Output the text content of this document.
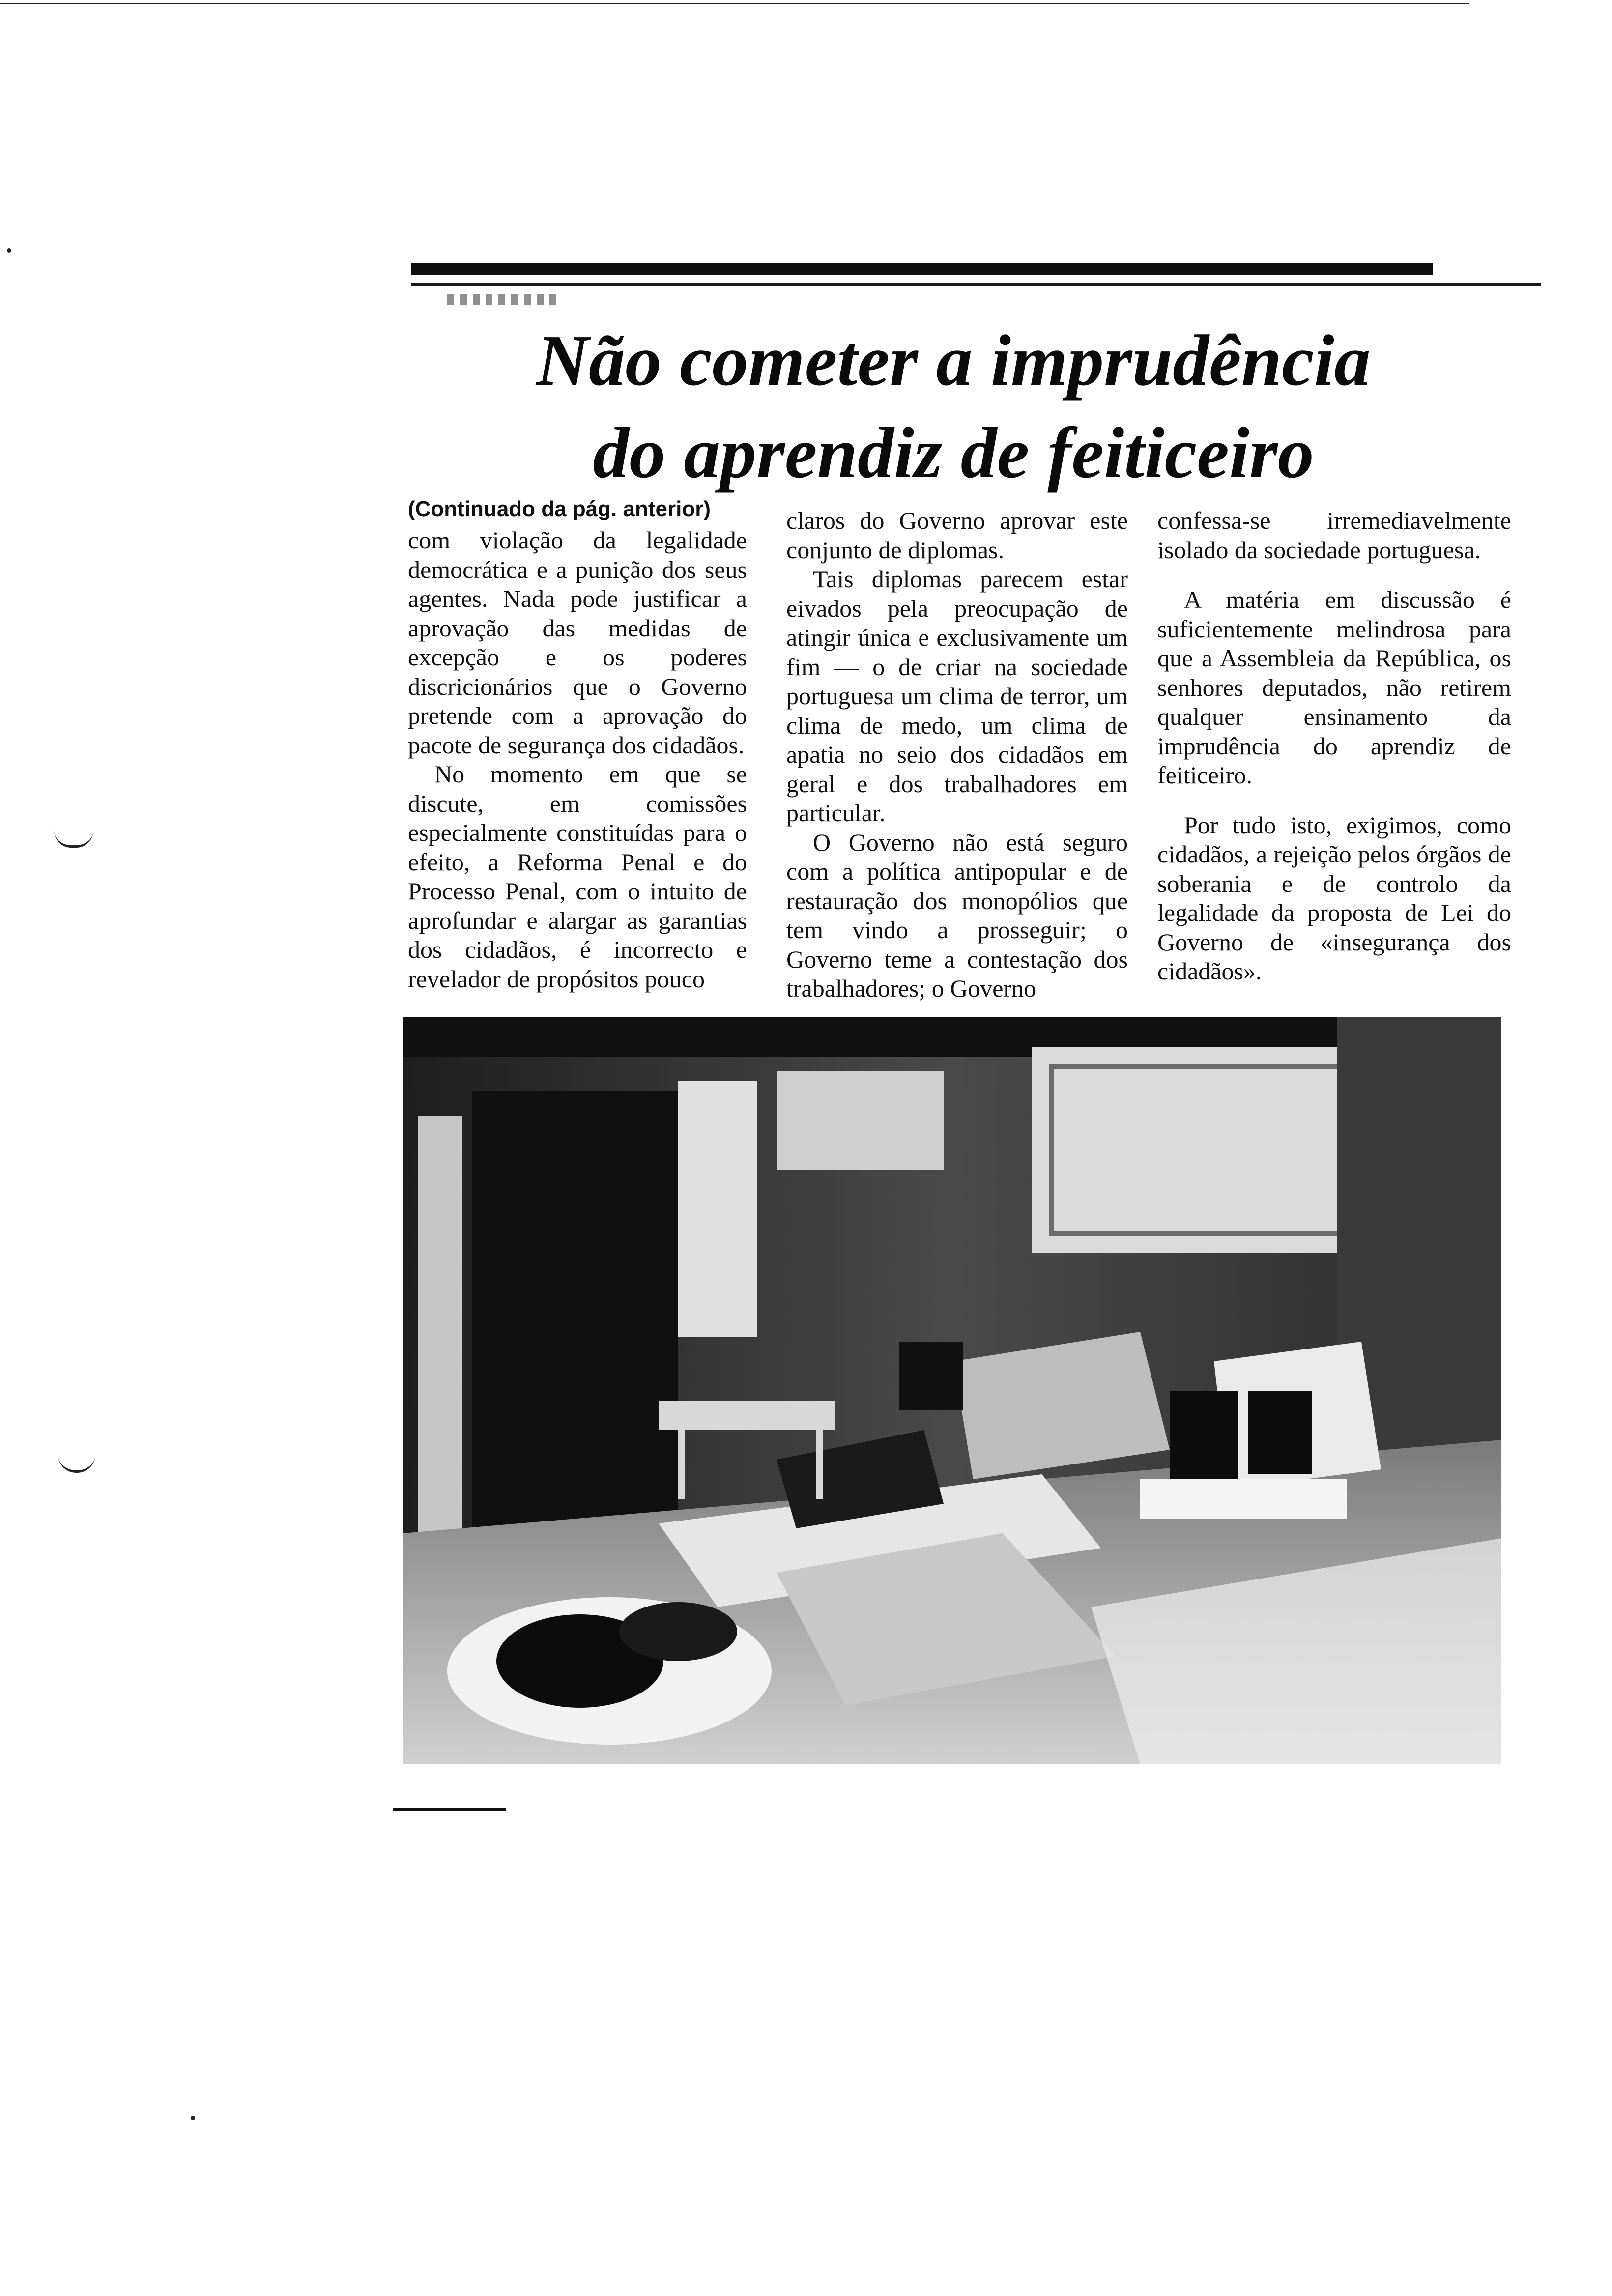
Não cometer a imprudência
do aprendiz de feiticeiro
(Continuado da pág. anterior)

com violação da legalidade democrática e a punição dos seus agentes. Nada pode justificar a aprovação das medidas de excepção e os poderes discricionários que o Governo pretende com a aprovação do pacote de segurança dos cidadãos.

No momento em que se discute, em comissões especialmente constituídas para o efeito, a Reforma Penal e do Processo Penal, com o intuito de aprofundar e alargar as garantias dos cidadãos, é incorrecto e revelador de propósitos pouco

claros do Governo aprovar este conjunto de diplomas.

Tais diplomas parecem estar eivados pela preocupação de atingir única e exclusivamente um fim — o de criar na sociedade portuguesa um clima de terror, um clima de medo, um clima de apatia no seio dos cidadãos em geral e dos trabalhadores em particular.

O Governo não está seguro com a política antipopular e de restauração dos monopólios que tem vindo a prosseguir; o Governo teme a contestação dos trabalhadores; o Governo

confessa-se irremediavelmente isolado da sociedade portuguesa.

A matéria em discussão é suficientemente melindrosa para que a Assembleia da República, os senhores deputados, não retirem qualquer ensinamento da imprudência do aprendiz de feiticeiro.

Por tudo isto, exigimos, como cidadãos, a rejeição pelos órgãos de soberania e de controlo da legalidade da proposta de Lei do Governo de «insegurança dos cidadãos».
